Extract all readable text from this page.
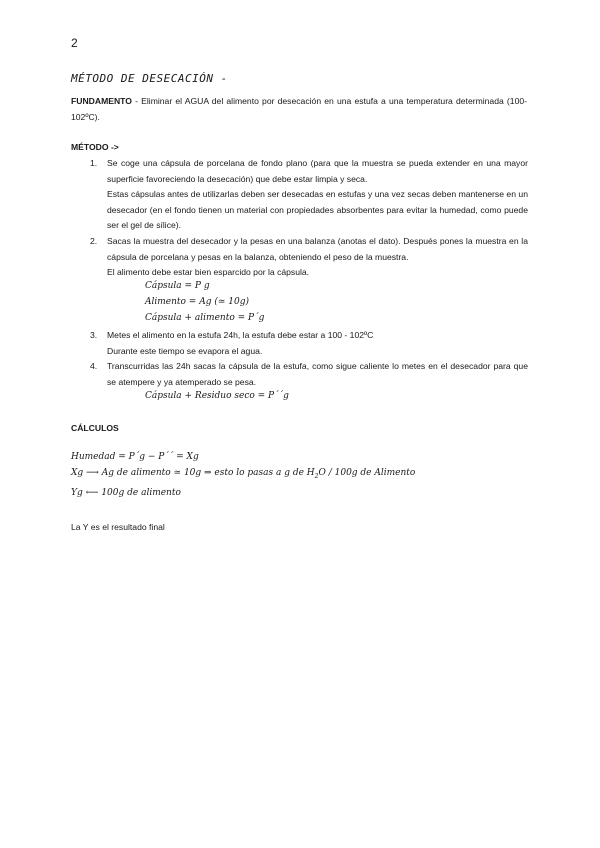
2
MÉTODO DE DESECACIÓN -
FUNDAMENTO - Eliminar el AGUA del alimento por desecación en una estufa a una temperatura determinada (100-102ºC).
MÉTODO ->
1. Se coge una cápsula de porcelana de fondo plano (para que la muestra se pueda extender en una mayor superficie favoreciendo la desecación) que debe estar limpia y seca.
Estas cápsulas antes de utilizarlas deben ser desecadas en estufas y una vez secas deben mantenerse en un desecador (en el fondo tienen un material con propiedades absorbentes para evitar la humedad, como puede ser el gel de sílice).
2. Sacas la muestra del desecador y la pesas en una balanza (anotas el dato). Después pones la muestra en la cápsula de porcelana y pesas en la balanza, obteniendo el peso de la muestra.
El alimento debe estar bien esparcido por la cápsula.
Cápsula = P g
Alimento = Ag (≃ 10g)
Cápsula + alimento = P´g
3. Metes el alimento en la estufa 24h, la estufa debe estar a 100 - 102ºC
Durante este tiempo se evapora el agua.
4. Transcurridas las 24h sacas la cápsula de la estufa, como sigue caliente lo metes en el desecador para que se atempere y ya atemperado se pesa.
Cápsula + Residuo seco = P´´g
CÁLCULOS
Humedad = P´g − P´´ = Xg
Xg ⟶ Ag de alimento ≃ 10g ⇒ esto lo pasas a g de $H_2O / 100g$ de Alimento
Yg ⟵ 100g de alimento
La Y es el resultado final
